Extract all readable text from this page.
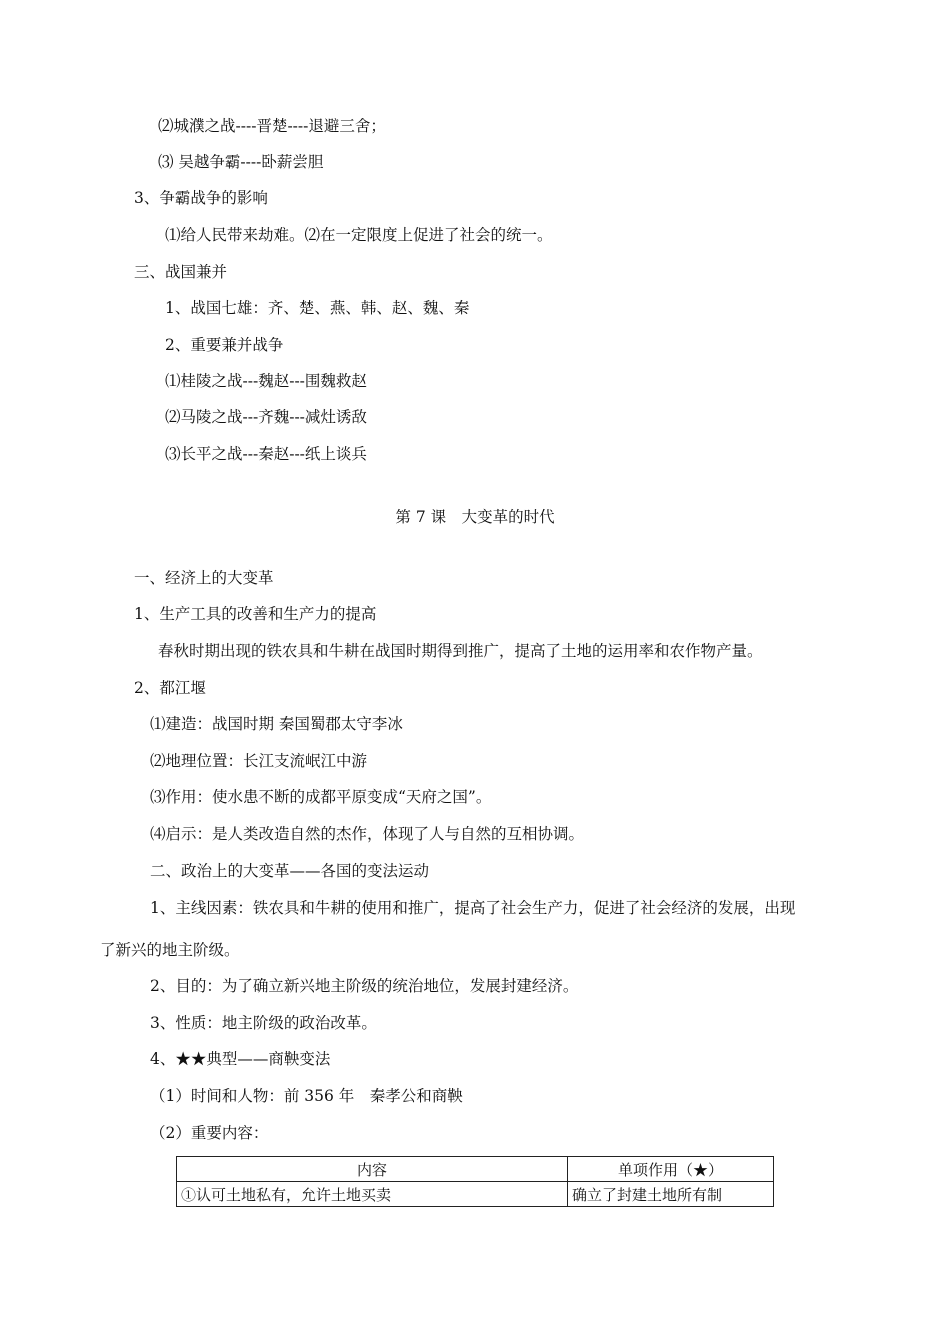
⑵城濮之战----晋楚----退避三舍；
⑶ 吴越争霸----卧薪尝胆
3、争霸战争的影响
⑴给人民带来劫难。⑵在一定限度上促进了社会的统一。
三、战国兼并
1、战国七雄：齐、楚、燕、韩、赵、魏、秦
2、重要兼并战争
⑴桂陵之战---魏赵---围魏救赵
⑵马陵之战---齐魏---减灶诱敌
⑶长平之战---秦赵---纸上谈兵
第 7 课　大变革的时代
一、经济上的大变革
1、生产工具的改善和生产力的提高
春秋时期出现的铁农具和牛耕在战国时期得到推广，提高了土地的运用率和农作物产量。
2、都江堰
⑴建造：战国时期 秦国蜀郡太守李冰
⑵地理位置：长江支流岷江中游
⑶作用：使水患不断的成都平原变成“天府之国”。
⑷启示：是人类改造自然的杰作，体现了人与自然的互相协调。
二、政治上的大变革——各国的变法运动
1、主线因素：铁农具和牛耕的使用和推广，提高了社会生产力，促进了社会经济的发展，出现
了新兴的地主阶级。
2、目的：为了确立新兴地主阶级的统治地位，发展封建经济。
3、性质：地主阶级的政治改革。
4、★★典型——商鞅变法
（1）时间和人物：前 356 年　秦孝公和商鞅
（2）重要内容：
内容	单项作用（★）
①认可土地私有，允许土地买卖	确立了封建土地所有制
